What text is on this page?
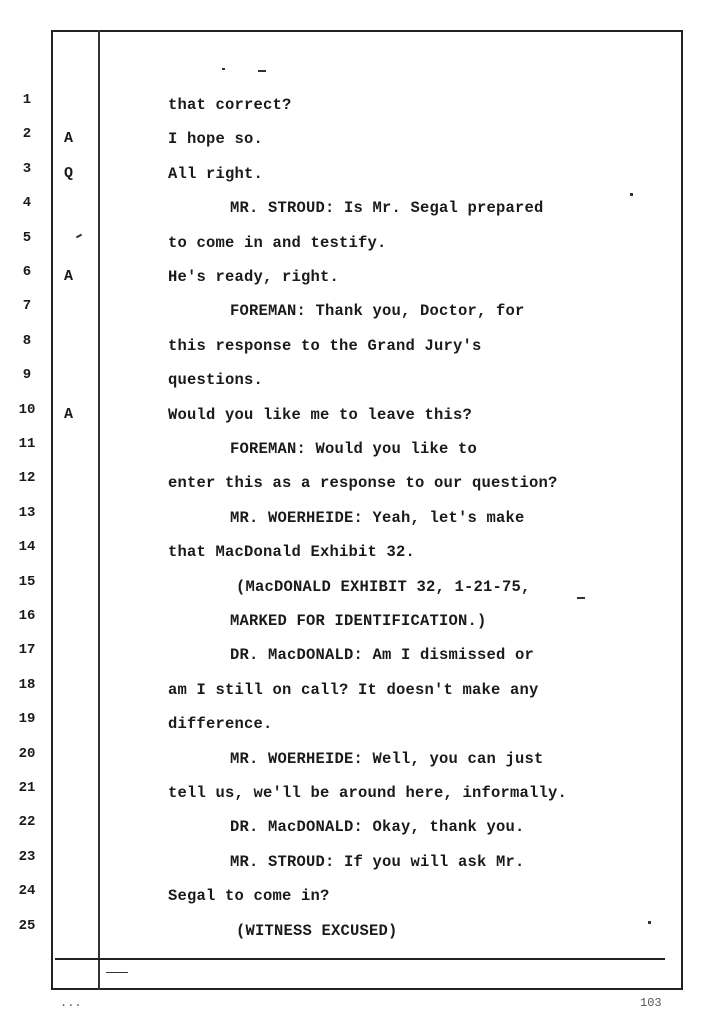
1	that correct?
2	A	I hope so.
3	Q	All right.
4	MR. STROUD: Is Mr. Segal prepared
5	to come in and testify.
6	A	He's ready, right.
7	FOREMAN: Thank you, Doctor, for
8	this response to the Grand Jury's
9	questions.
10	A	Would you like me to leave this?
11	FOREMAN: Would you like to
12	enter this as a response to our question?
13	MR. WOERHEIDE: Yeah, let's make
14	that MacDonald Exhibit 32.
15	(MacDONALD EXHIBIT 32, 1-21-75,
16	MARKED FOR IDENTIFICATION.)
17	DR. MacDONALD: Am I dismissed or
18	am I still on call? It doesn't make any
19	difference.
20	MR. WOERHEIDE: Well, you can just
21	tell us, we'll be around here, informally.
22	DR. MacDONALD: Okay, thank you.
23	MR. STROUD: If you will ask Mr.
24	Segal to come in?
25	(WITNESS EXCUSED)
...	103
